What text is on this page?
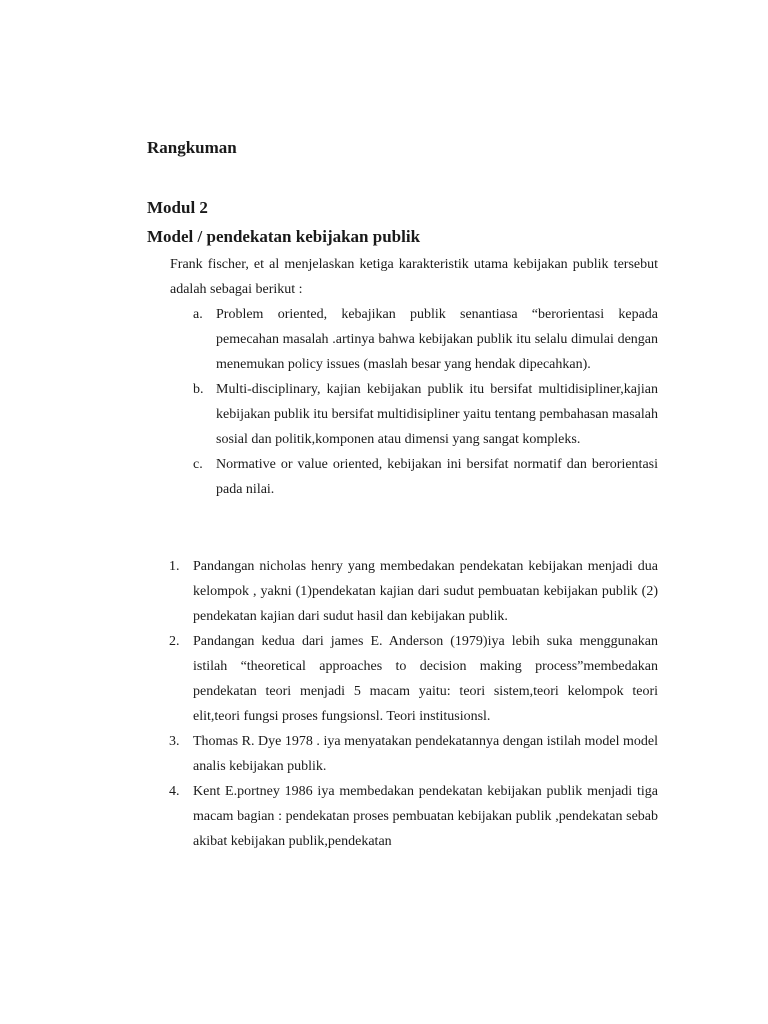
Rangkuman
Modul 2
Model / pendekatan kebijakan publik
Frank fischer, et al menjelaskan ketiga karakteristik utama kebijakan publik tersebut adalah sebagai berikut :
a. Problem oriented, kebajikan publik senantiasa “berorientasi kepada pemecahan masalah .artinya bahwa kebijakan publik itu selalu dimulai dengan menemukan policy issues (maslah besar yang hendak dipecahkan).
b. Multi-disciplinary, kajian kebijakan publik itu bersifat multidisipliner,kajian kebijakan publik itu bersifat multidisipliner yaitu tentang pembahasan masalah sosial dan politik,komponen atau dimensi yang sangat kompleks.
c. Normative or value oriented, kebijakan ini bersifat normatif dan berorientasi pada nilai.
1. Pandangan nicholas henry yang membedakan pendekatan kebijakan menjadi dua kelompok , yakni (1)pendekatan kajian dari sudut pembuatan kebijakan publik (2) pendekatan kajian dari sudut hasil dan kebijakan publik.
2. Pandangan kedua dari james E. Anderson (1979)iya lebih suka menggunakan istilah “theoretical approaches to decision making process”membedakan pendekatan teori menjadi 5 macam yaitu: teori sistem,teori kelompok teori elit,teori fungsi proses fungsionsl. Teori institusionsl.
3. Thomas R. Dye 1978 . iya menyatakan pendekatannya dengan istilah model model analis kebijakan publik.
4. Kent E.portney 1986 iya membedakan pendekatan kebijakan publik menjadi tiga macam bagian : pendekatan proses pembuatan kebijakan publik ,pendekatan sebab akibat kebijakan publik,pendekatan
